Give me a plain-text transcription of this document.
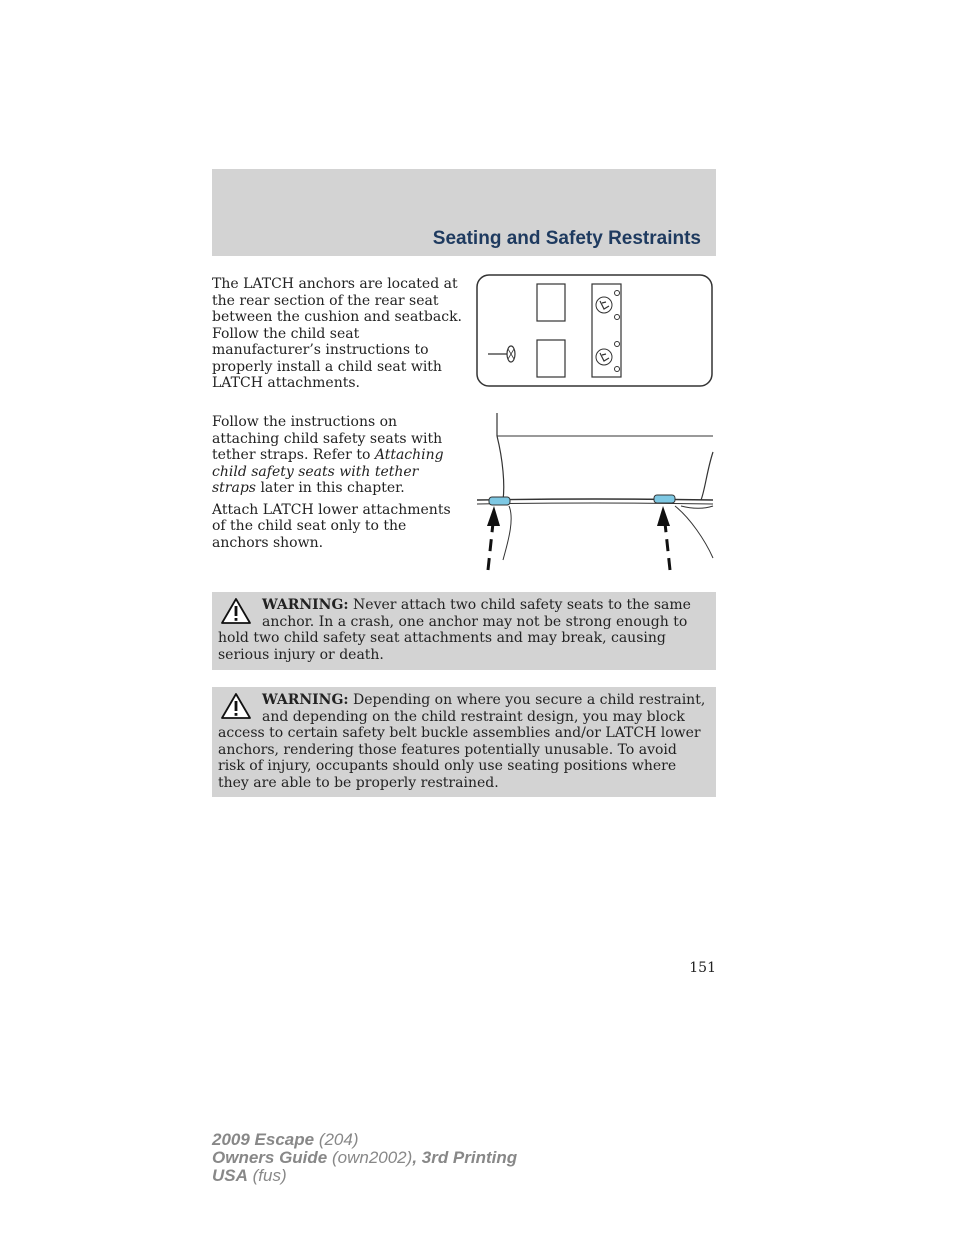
Seating and Safety Restraints

The LATCH anchors are located at the rear section of the rear seat between the cushion and seatback. Follow the child seat manufacturer’s instructions to properly install a child seat with LATCH attachments.

Follow the instructions on attaching child safety seats with tether straps. Refer to Attaching child safety seats with tether straps later in this chapter.

Attach LATCH lower attachments of the child seat only to the anchors shown.

WARNING: Never attach two child safety seats to the same anchor. In a crash, one anchor may not be strong enough to hold two child safety seat attachments and may break, causing serious injury or death.
WARNING: Depending on where you secure a child restraint, and depending on the child restraint design, you may block access to certain safety belt buckle assemblies and/or LATCH lower anchors, rendering those features potentially unusable. To avoid risk of injury, occupants should only use seating positions where they are able to be properly restrained.
151
2009 Escape (204)
Owners Guide (own2002), 3rd Printing
USA (fus)
